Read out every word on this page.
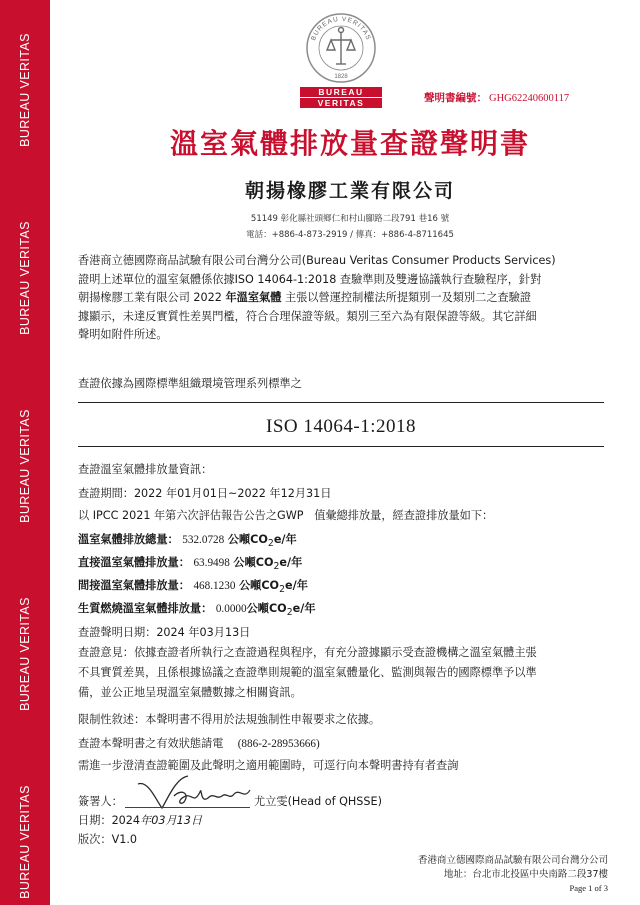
BUREAU VERITAS
BUREAU VERITAS
BUREAU VERITAS
BUREAU VERITAS
BUREAU VERITAS
BUREAU VERITAS
1828
BUREAU
VERITAS	聲明書編號： GHG62240600117
溫室氣體排放量查證聲明書
朝揚橡膠工業有限公司
51149 彰化縣社頭鄉仁和村山腳路二段791 巷16 號
電話：+886-4-873-2919 / 傳真：+886-4-8711645
香港商立德國際商品試驗有限公司台灣分公司(Bureau Veritas Consumer Products Services)
證明上述單位的溫室氣體係依據ISO 14064-1:2018 查驗準則及雙邊協議執行查驗程序，針對
朝揚橡膠工業有限公司 2022 年溫室氣體 主張以營運控制權法所提類別一及類別二之查驗證
據顯示，未達反實質性差異門檻，符合合理保證等級。類別三至六為有限保證等級。其它詳細
聲明如附件所述。
查證依據為國際標準組織環境管理系列標準之
ISO 14064-1:2018
查證溫室氣體排放量資訊：
查證期間：2022 年01月01日~2022 年12月31日
以 IPCC 2021 年第六次評估報告公告之GWP 值彙總排放量，經查證排放量如下：
溫室氣體排放總量： 532.0728 公噸$CO_2e/$年
直接溫室氣體排放量： 63.9498 公噸$CO_2e/$年
間接溫室氣體排放量： 468.1230 公噸$CO_2e/$年
生質燃燒溫室氣體排放量： 0.0000公噸$CO_2e/$年
查證聲明日期：2024 年03月13日
查證意見：依據查證者所執行之查證過程與程序，有充分證據顯示受查證機構之溫室氣體主張
不具實質差異，且係根據協議之查證準則規範的溫室氣體量化、監測與報告的國際標準予以準
備，並公正地呈現溫室氣體數據之相關資訊。
限制性敘述：本聲明書不得用於法規強制性申報要求之依據。
查證本聲明書之有效狀態請電 (886-2-28953666)
需進一步澄清查證範圍及此聲明之適用範圍時，可逕行向本聲明書持有者查詢
簽署人：	尤立雯(Head of QHSSE)
日期：2024年03月13日
版次：V1.0
香港商立德國際商品試驗有限公司台灣分公司
地址：台北市北投區中央南路二段37樓
Page 1 of 3
